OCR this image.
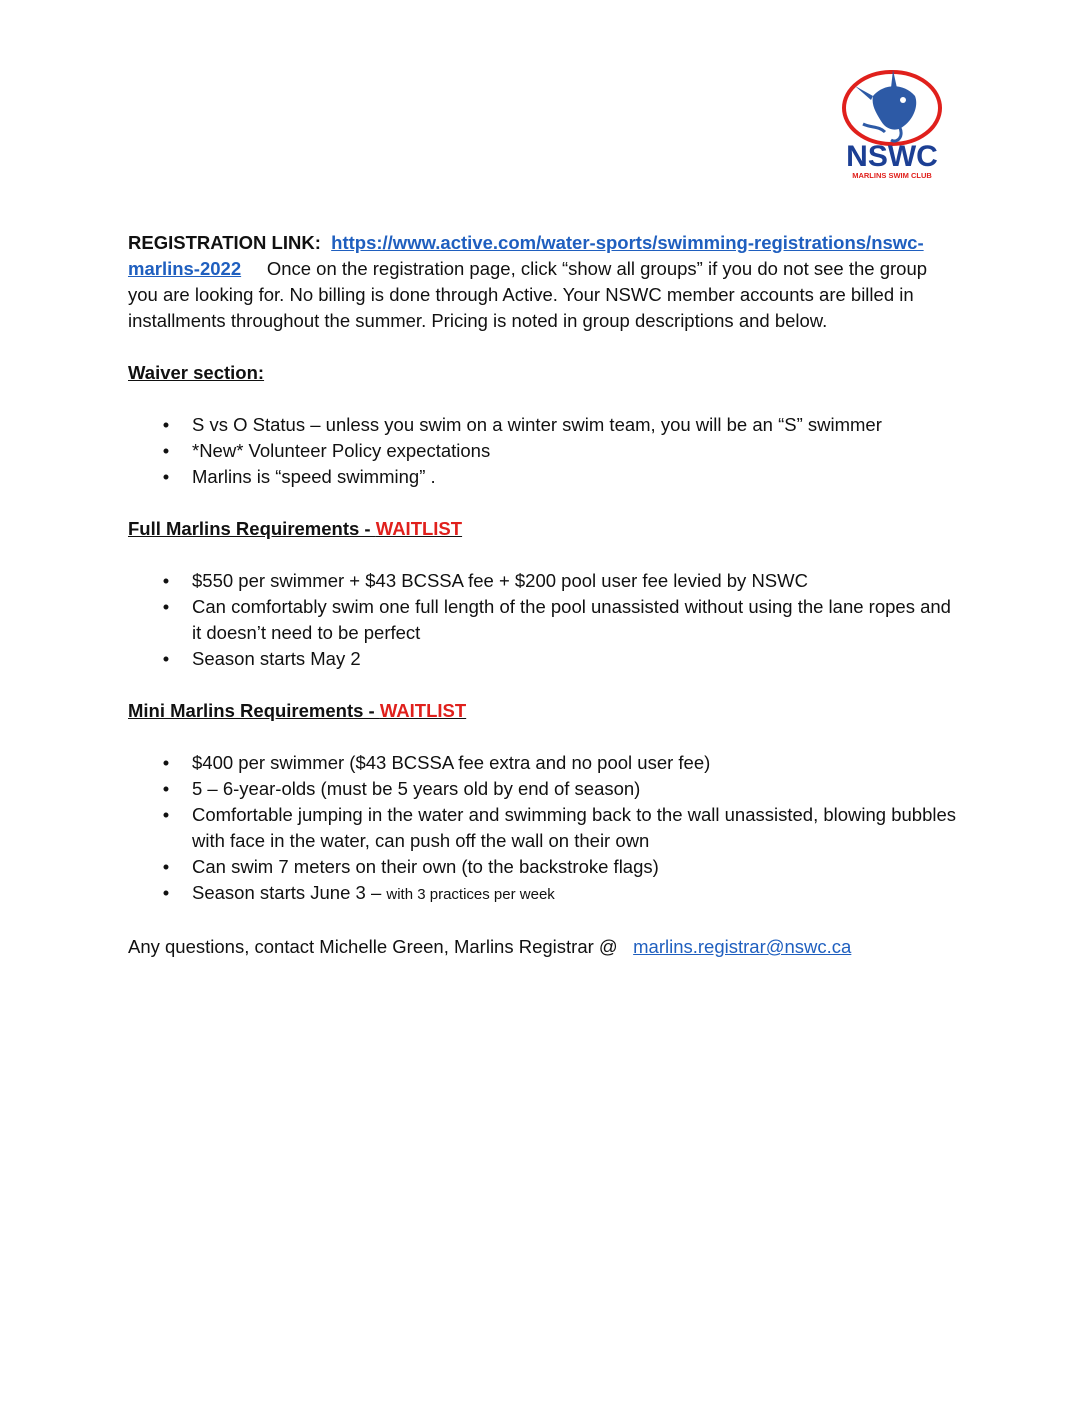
NSWC
MARLINS SWIM CLUB

REGISTRATION LINK: https://www.active.com/water-sports/swimming-registrations/nswc-marlins-2022 Once on the registration page, click “show all groups” if you do not see the group you are looking for. No billing is done through Active. Your NSWC member accounts are billed in installments throughout the summer. Pricing is noted in group descriptions and below.

Waiver section:

• S vs O Status – unless you swim on a winter swim team, you will be an “S” swimmer
• *New* Volunteer Policy expectations
• Marlins is “speed swimming” .

Full Marlins Requirements - WAITLIST

• $550 per swimmer + $43 BCSSA fee + $200 pool user fee levied by NSWC
• Can comfortably swim one full length of the pool unassisted without using the lane ropes and it doesn’t need to be perfect
• Season starts May 2

Mini Marlins Requirements - WAITLIST

• $400 per swimmer ($43 BCSSA fee extra and no pool user fee)
• 5 – 6-year-olds (must be 5 years old by end of season)
• Comfortable jumping in the water and swimming back to the wall unassisted, blowing bubbles with face in the water, can push off the wall on their own
• Can swim 7 meters on their own (to the backstroke flags)
• Season starts June 3 – with 3 practices per week

Any questions, contact Michelle Green, Marlins Registrar @   marlins.registrar@nswc.ca
